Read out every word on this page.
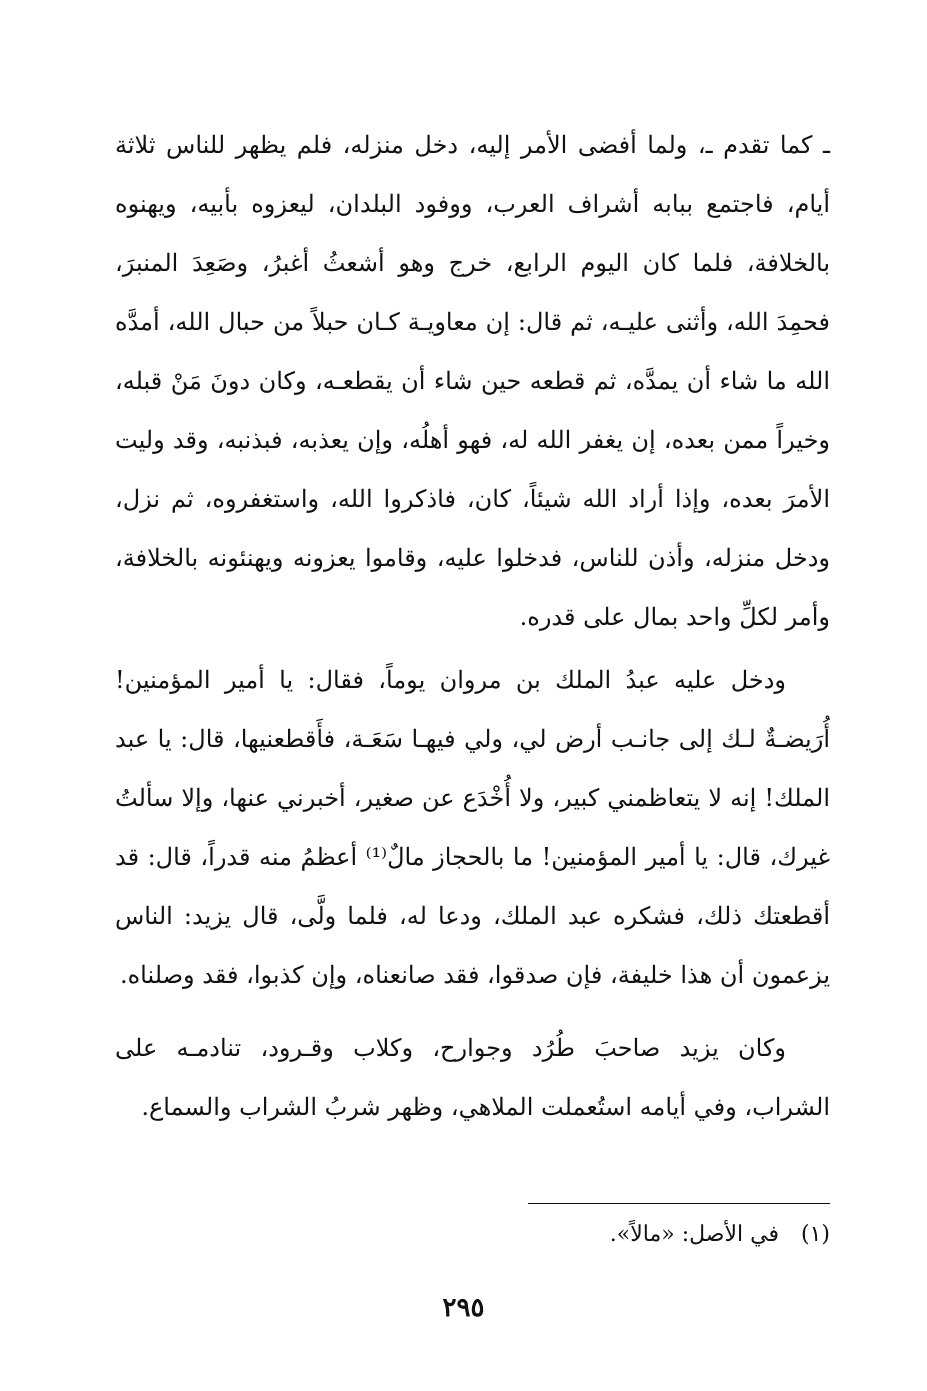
ـ كما تقدم ـ، ولما أفضى الأمر إليه، دخل منزله، فلم يظهر للناس ثلاثة أيام، فاجتمع ببابه أشراف العرب، ووفود البلدان، ليعزوه بأبيه، ويهنوه بالخلافة، فلما كان اليوم الرابع، خرج وهو أشعثُ أغبرُ، وصَعِدَ المنبرَ، فحمِدَ الله، وأثنى عليـه، ثم قال: إن معاويـة كـان حبلاً من حبال الله، أمدَّه الله ما شاء أن يمدَّه، ثم قطعه حين شاء أن يقطعـه، وكان دونَ مَنْ قبله، وخيراً ممن بعده، إن يغفر الله له، فهو أهلُه، وإن يعذبه، فبذنبه، وقد وليت الأمرَ بعده، وإذا أراد الله شيئاً، كان، فاذكروا الله، واستغفروه، ثم نزل، ودخل منزله، وأذن للناس، فدخلوا عليه، وقاموا يعزونه ويهنئونه بالخلافة، وأمر لكلِّ واحد بمال على قدره.

ودخل عليه عبدُ الملك بن مروان يوماً، فقال: يا أمير المؤمنين! أُرَيضـةٌ لـك إلى جانـب أرض لي، ولي فيهـا سَعَـة، فأَقطعنيها، قال: يا عبد الملك! إنه لا يتعاظمني كبير، ولا أُخْدَع عن صغير، أخبرني عنها، وإلا سألتُ غيرك، قال: يا أمير المؤمنين! ما بالحجاز مالٌ⁽¹⁾ أعظمُ منه قدراً، قال: قد أقطعتك ذلك، فشكره عبد الملك، ودعا له، فلما ولَّى، قال يزيد: الناس يزعمون أن هذا خليفة، فإن صدقوا، فقد صانعناه، وإن كذبوا، فقد وصلناه.

وكان يزيد صاحبَ طُرُد وجوارح، وكلاب وقـرود، تنادمـه على الشراب، وفي أيامه استُعملت الملاهي، وظهر شربُ الشراب والسماع.

(١)في الأصل: «مالاً».
٢٩٥
